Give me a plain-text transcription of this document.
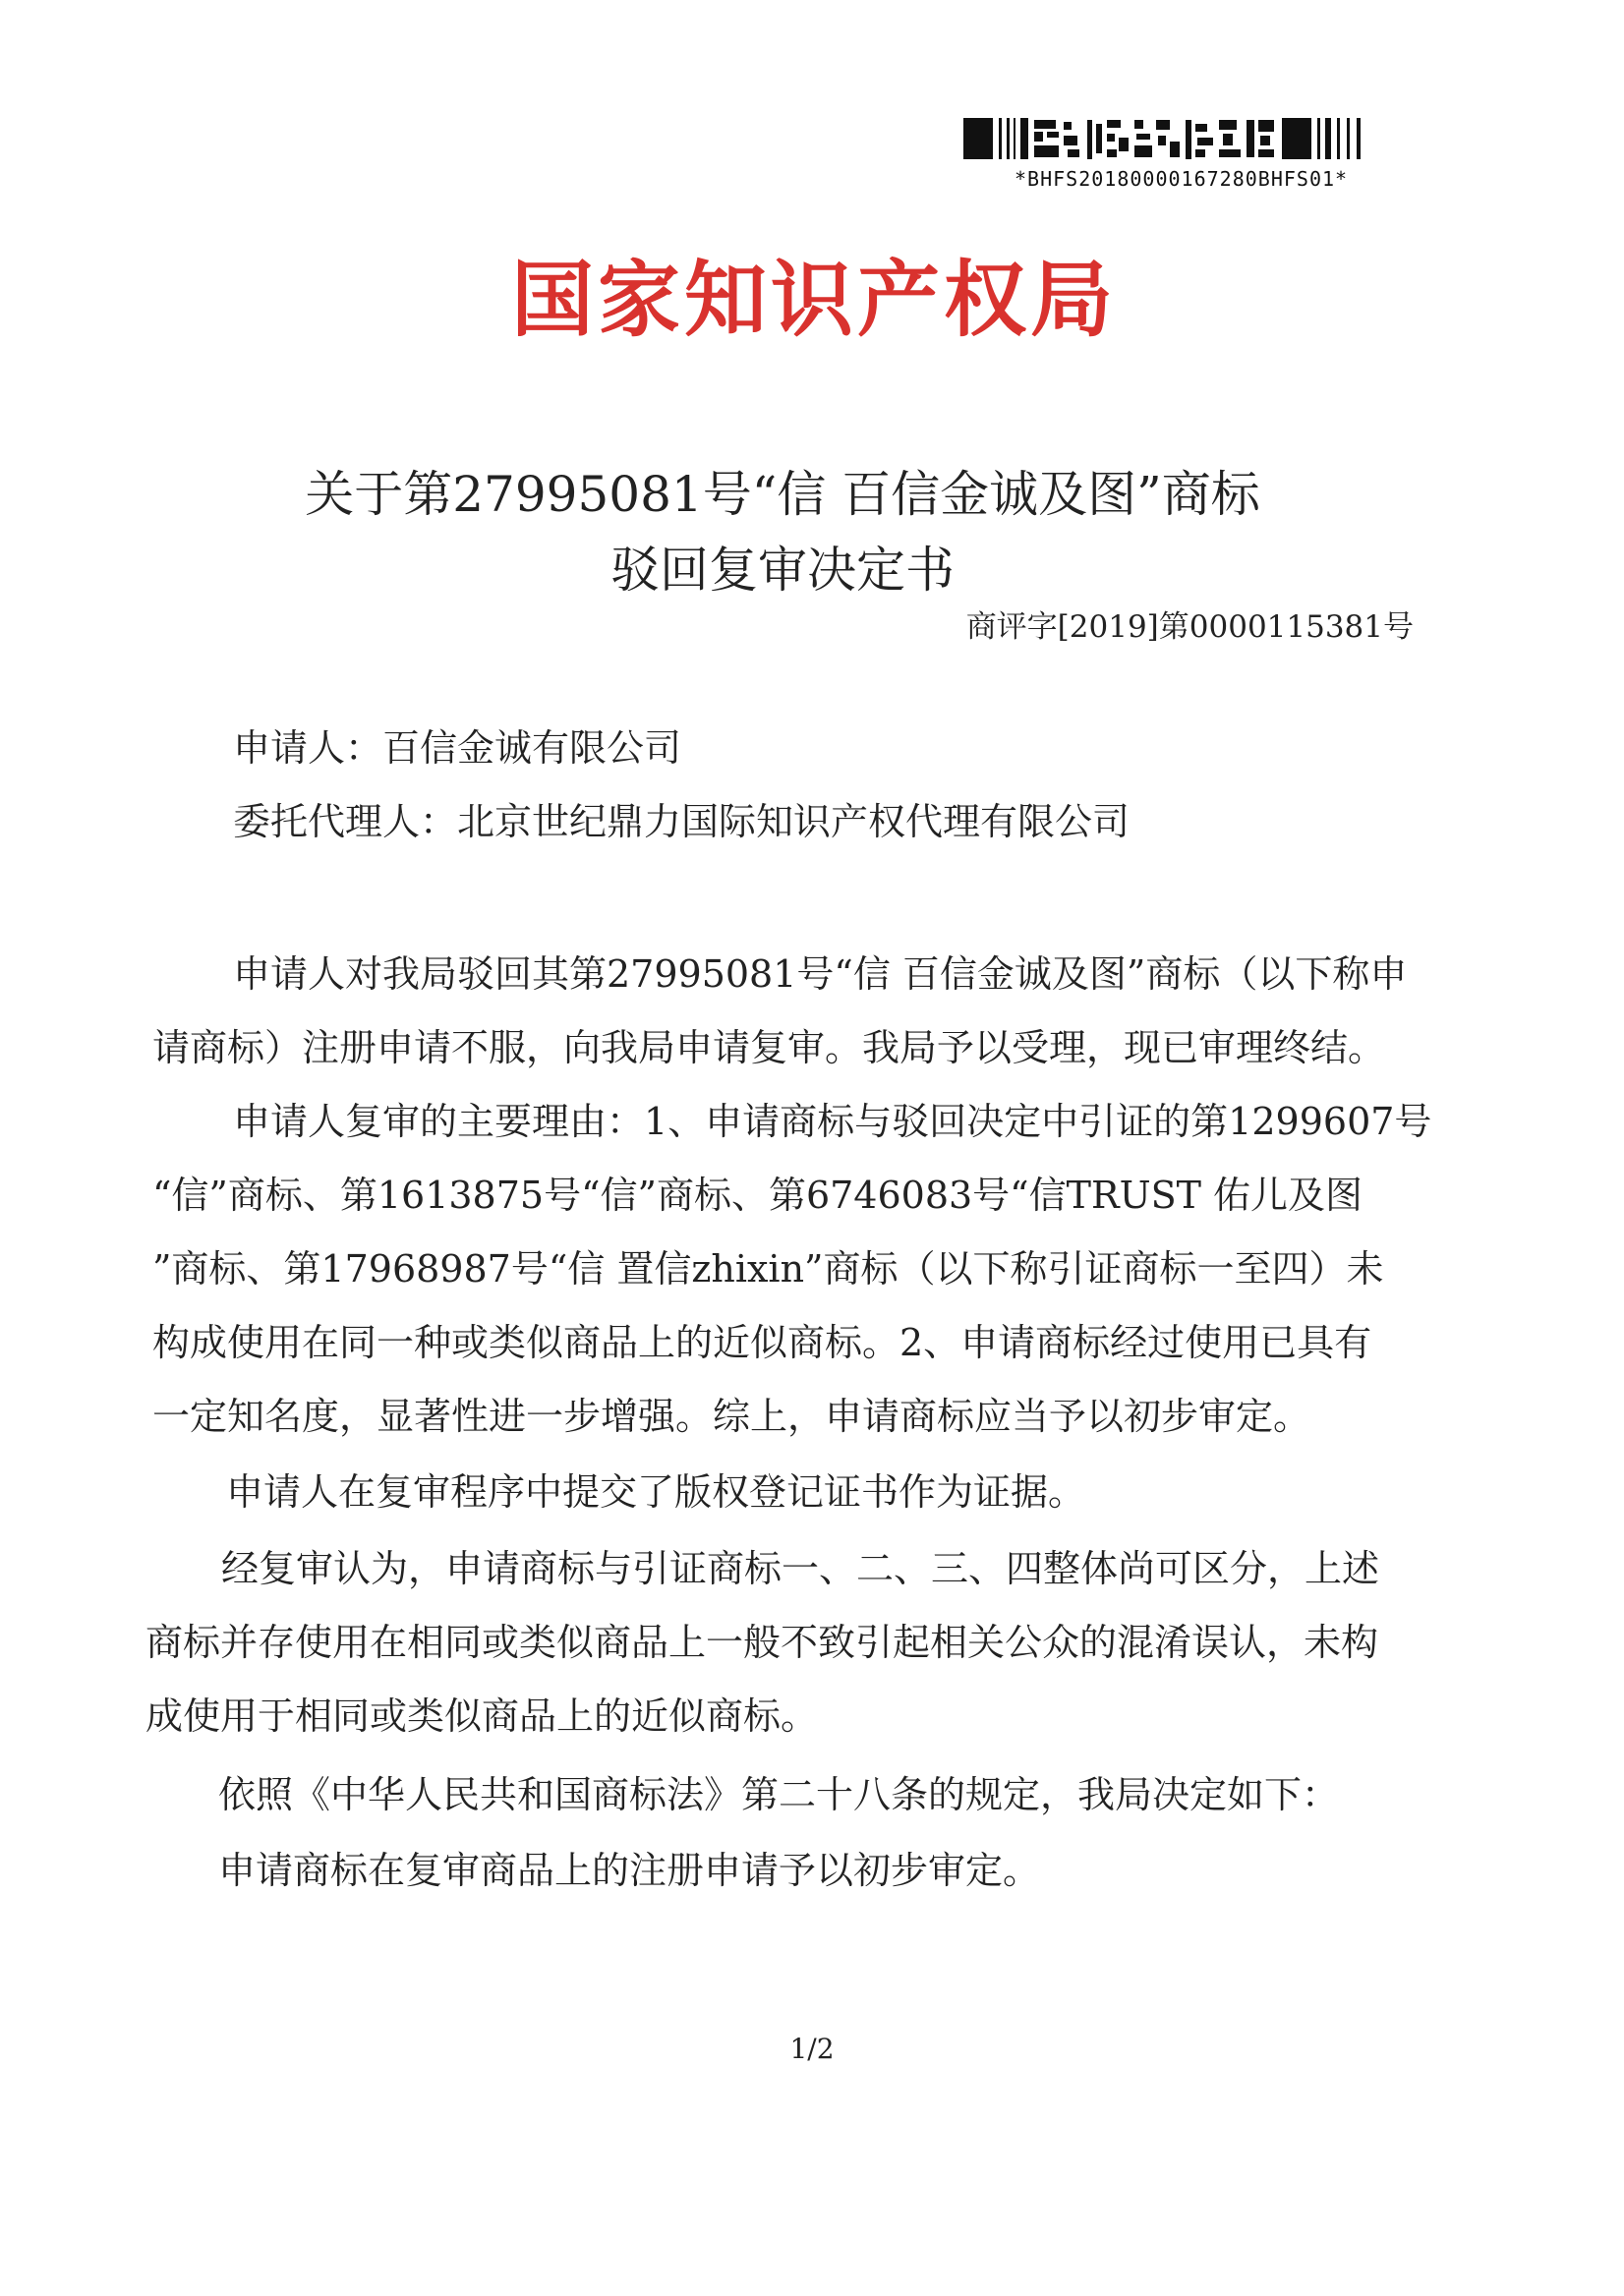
*BHFS20180000167280BHFS01*
国家知识产权局
关于第27995081号“信 百信金诚及图”商标
驳回复审决定书
商评字[2019]第0000115381号
申请人：百信金诚有限公司
委托代理人：北京世纪鼎力国际知识产权代理有限公司
申请人对我局驳回其第27995081号“信 百信金诚及图”商标（以下称申
请商标）注册申请不服，向我局申请复审。我局予以受理，现已审理终结。
申请人复审的主要理由：1、申请商标与驳回决定中引证的第1299607号
“信”商标、第1613875号“信”商标、第6746083号“信TRUST 佑儿及图
”商标、第17968987号“信 置信zhixin”商标（以下称引证商标一至四）未
构成使用在同一种或类似商品上的近似商标。2、申请商标经过使用已具有
一定知名度，显著性进一步增强。综上，申请商标应当予以初步审定。
申请人在复审程序中提交了版权登记证书作为证据。
经复审认为，申请商标与引证商标一、二、三、四整体尚可区分，上述
商标并存使用在相同或类似商品上一般不致引起相关公众的混淆误认，未构
成使用于相同或类似商品上的近似商标。
依照《中华人民共和国商标法》第二十八条的规定，我局决定如下：
申请商标在复审商品上的注册申请予以初步审定。
1/2
